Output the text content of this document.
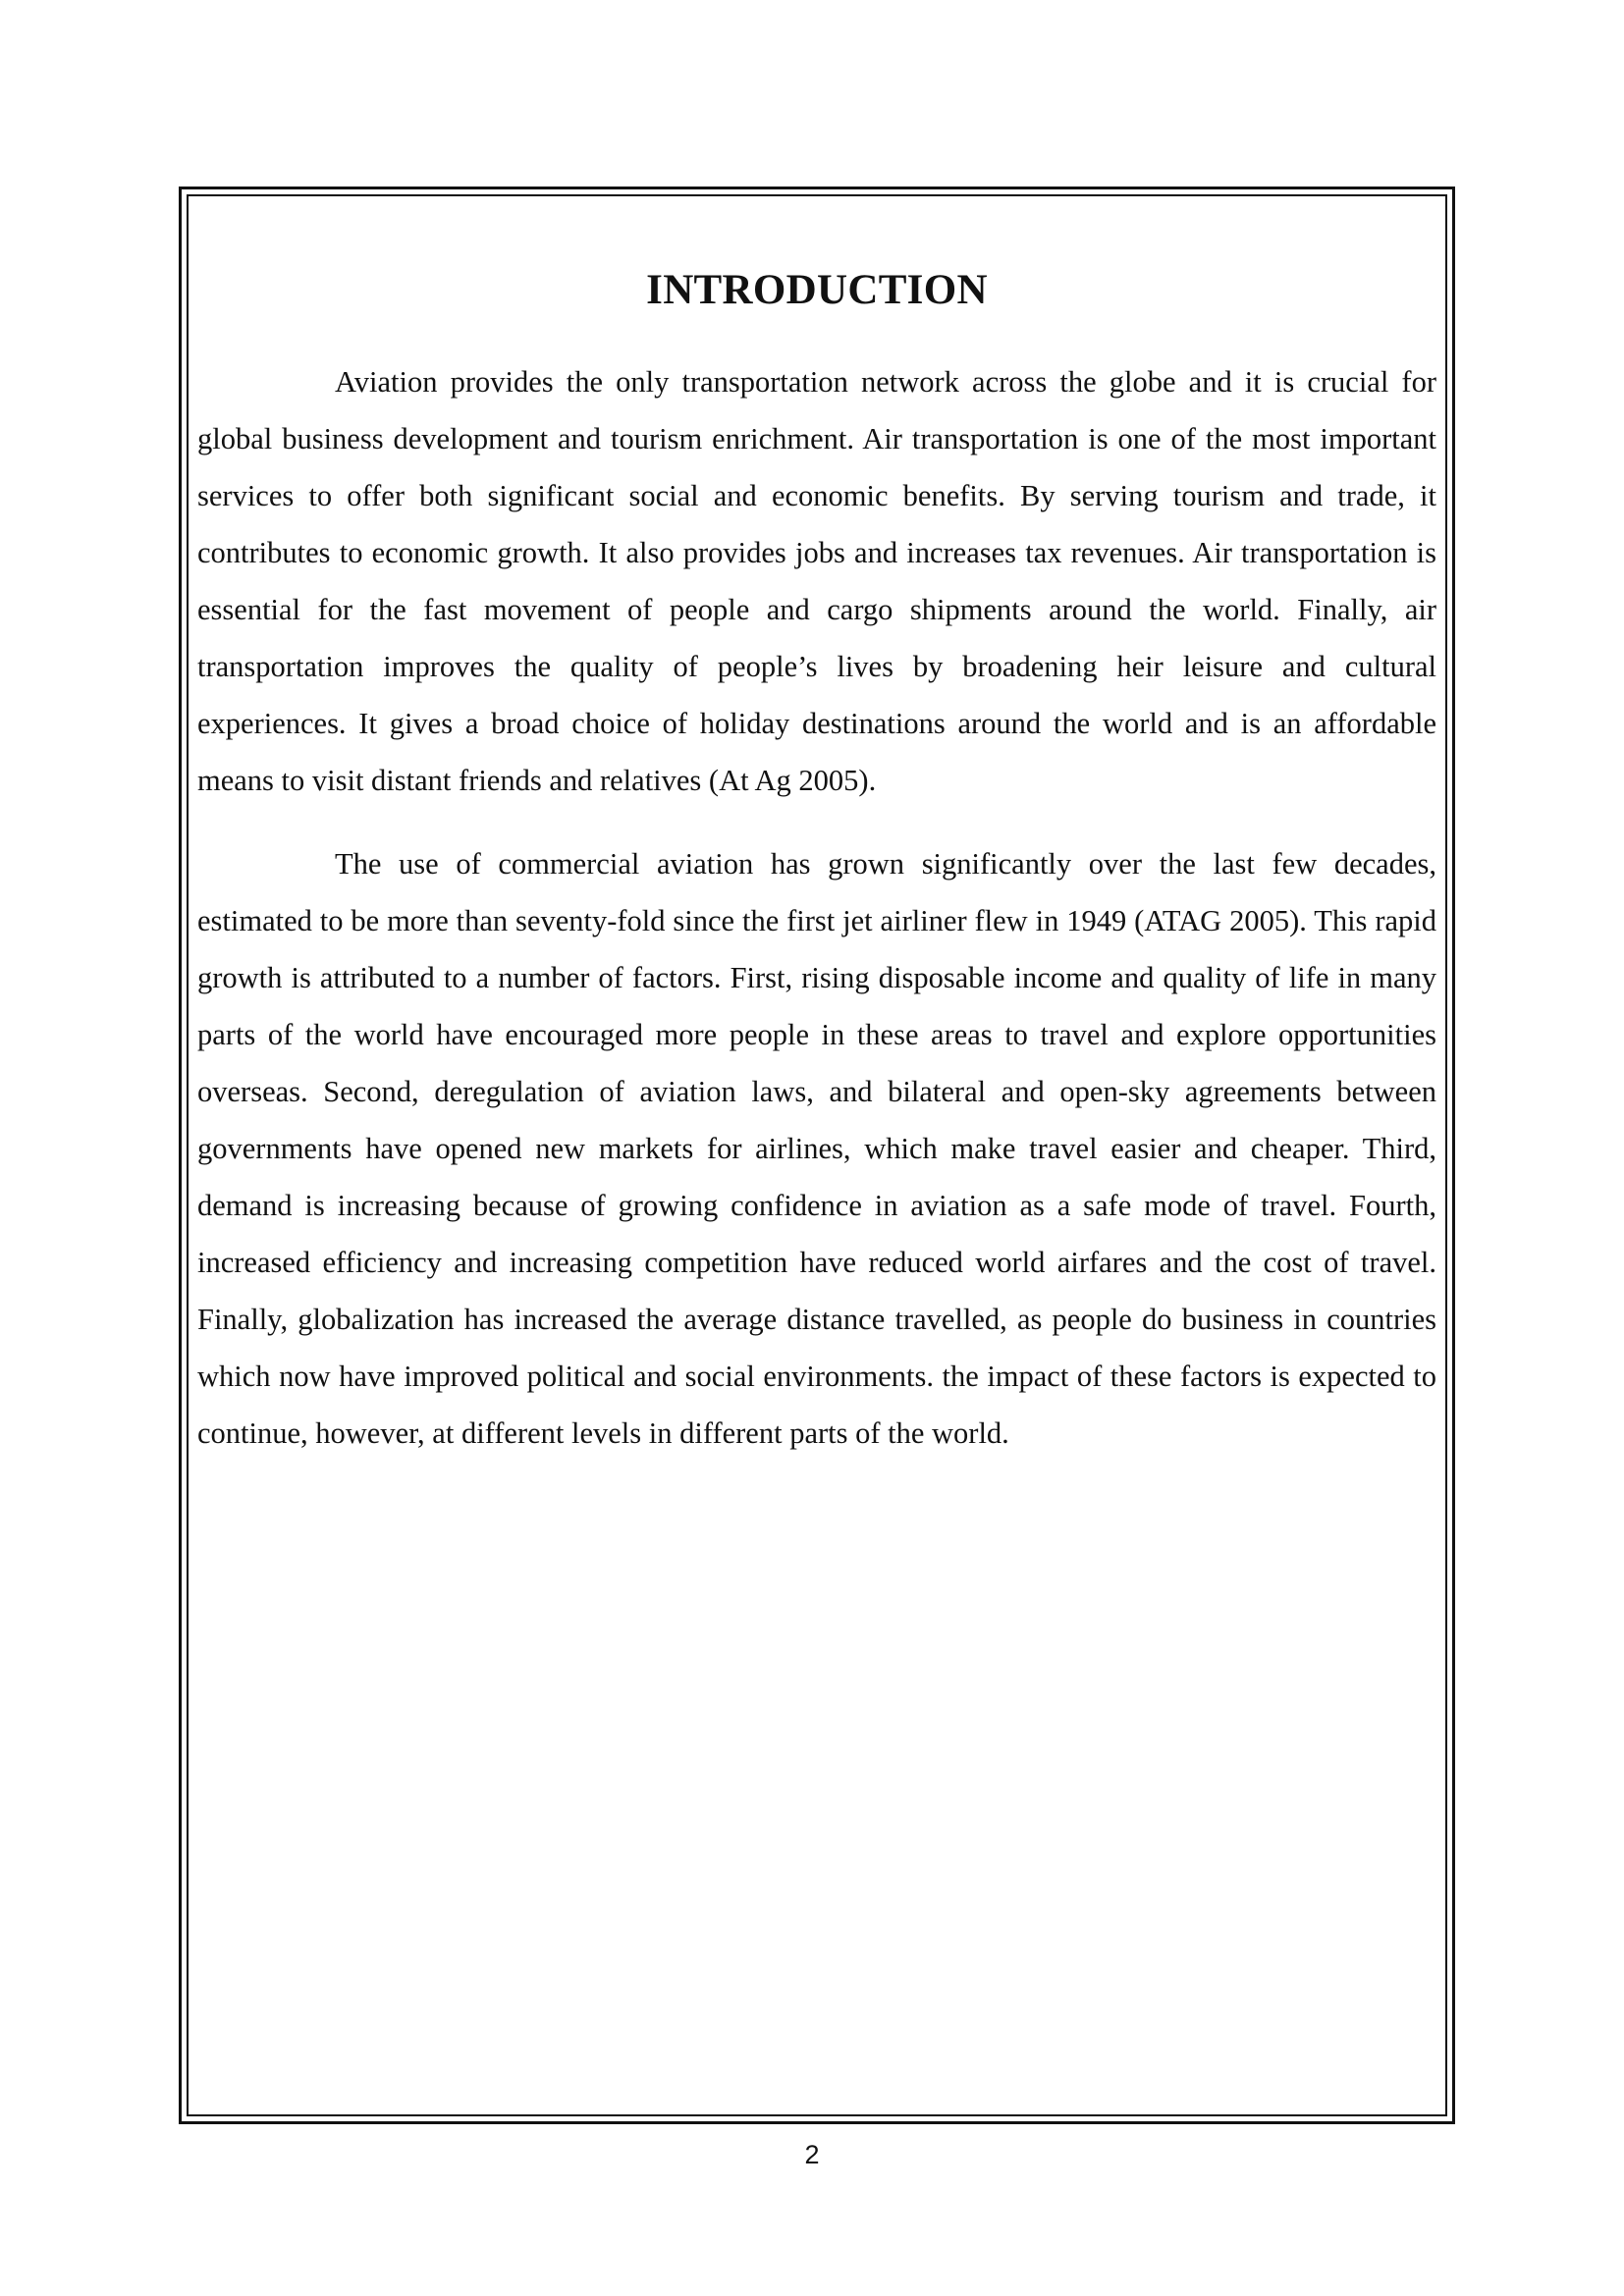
INTRODUCTION

Aviation provides the only transportation network across the globe and it is crucial for global business development and tourism enrichment. Air transportation is one of the most important services to offer both significant social and economic benefits. By serving tourism and trade, it contributes to economic growth. It also provides jobs and increases tax revenues. Air transportation is essential for the fast movement of people and cargo shipments around the world. Finally, air transportation improves the quality of people’s lives by broadening heir leisure and cultural experiences. It gives a broad choice of holiday destinations around the world and is an affordable means to visit distant friends and relatives (At Ag 2005).

The use of commercial aviation has grown significantly over the last few decades, estimated to be more than seventy-fold since the first jet airliner flew in 1949 (ATAG 2005). This rapid growth is attributed to a number of factors. First, rising disposable income and quality of life in many parts of the world have encouraged more people in these areas to travel and explore opportunities overseas. Second, deregulation of aviation laws, and bilateral and open-sky agreements between governments have opened new markets for airlines, which make travel easier and cheaper. Third, demand is increasing because of growing confidence in aviation as a safe mode of travel. Fourth, increased efficiency and increasing competition have reduced world airfares and the cost of travel. Finally, globalization has increased the average distance travelled, as people do business in countries which now have improved political and social environments. the impact of these factors is expected to continue, however, at different levels in different parts of the world.

2
